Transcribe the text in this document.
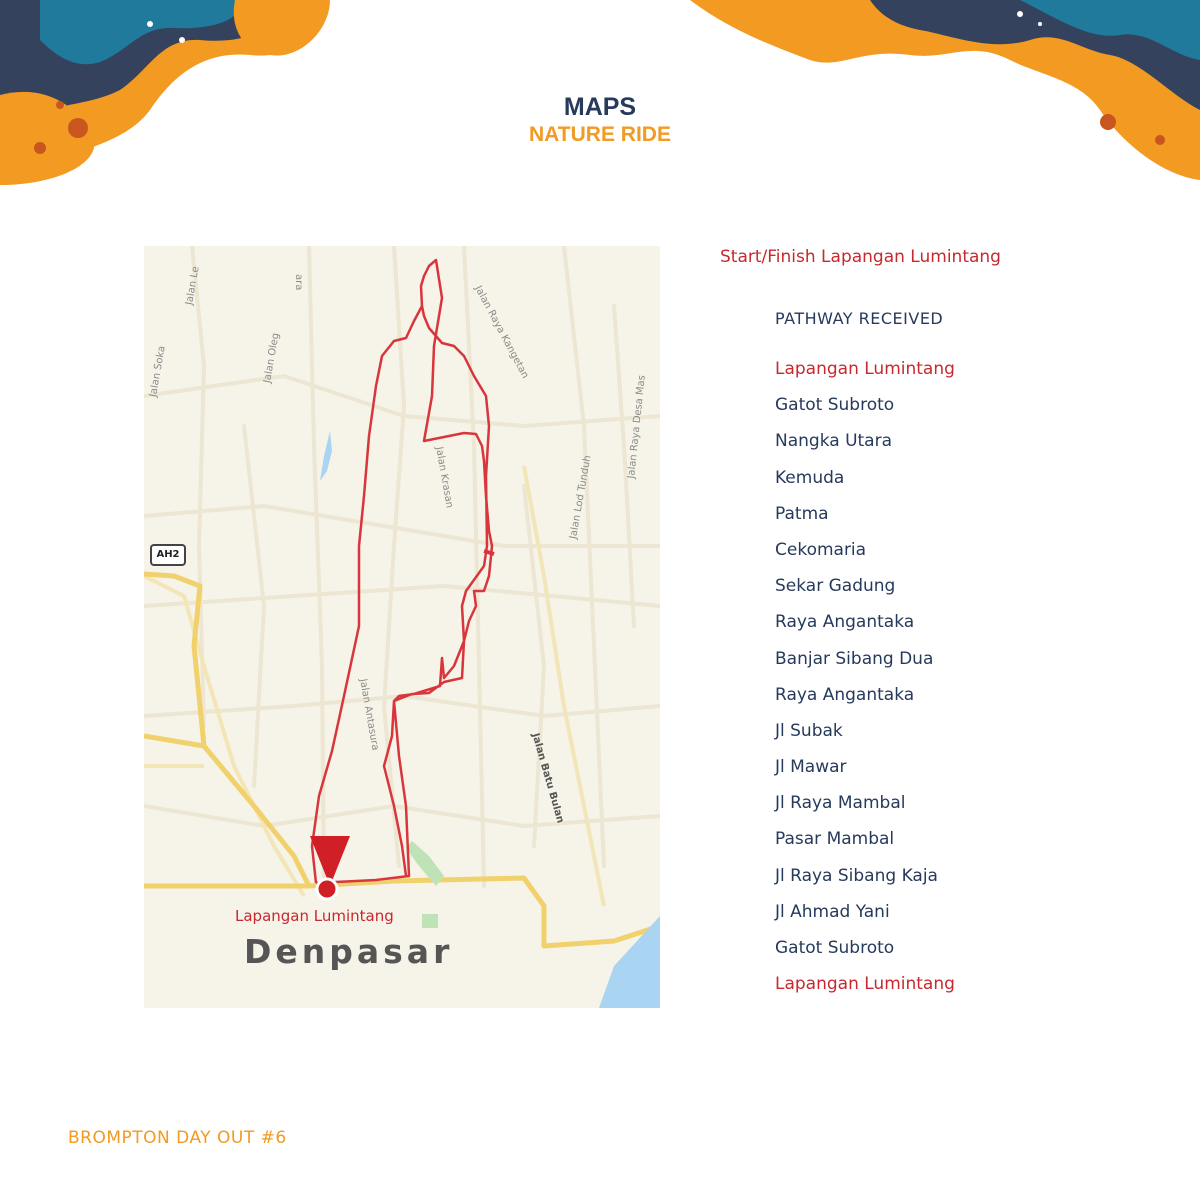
MAPS
NATURE RIDE
Jalan Le
Jalan Soka	Jalan Oleg
ara
Jalan Raya Kangetan
Jalan Krasan	Jalan Lod Tunduh
Jalan Raya Desa Mas
Jalan Antasura
Jalan Batu Bulan
AH2
Lapangan Lumintang
Denpasar
Start/Finish Lapangan Lumintang
PATHWAY RECEIVED
Lapangan Lumintang
Gatot Subroto
Nangka Utara
Kemuda
Patma
Cekomaria
Sekar Gadung
Raya Angantaka
Banjar Sibang Dua
Raya Angantaka
Jl Subak
Jl Mawar
Jl Raya Mambal
Pasar Mambal
Jl Raya Sibang Kaja
Jl Ahmad Yani
Gatot Subroto
Lapangan Lumintang
BROMPTON DAY OUT #6
